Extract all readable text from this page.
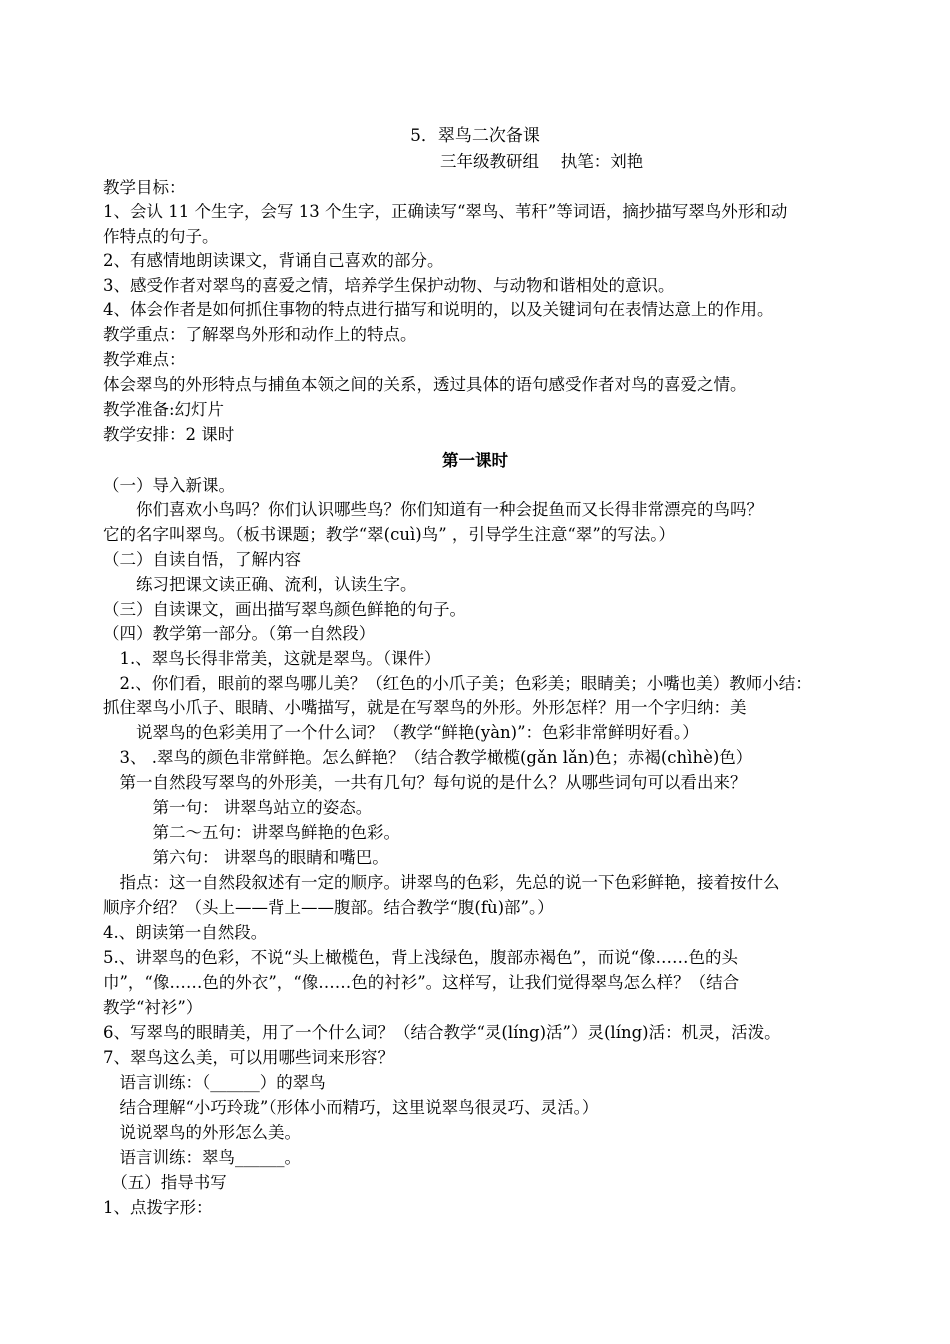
5．翠鸟二次备课
三年级教研组　 执笔：刘艳
教学目标：
1、会认 11 个生字，会写 13 个生字，正确读写“翠鸟、苇秆”等词语，摘抄描写翠鸟外形和动
作特点的句子。
2、有感情地朗读课文，背诵自己喜欢的部分。
3、感受作者对翠鸟的喜爱之情，培养学生保护动物、与动物和谐相处的意识。
4、体会作者是如何抓住事物的特点进行描写和说明的，以及关键词句在表情达意上的作用。
教学重点：了解翠鸟外形和动作上的特点。
教学难点：
体会翠鸟的外形特点与捕鱼本领之间的关系，透过具体的语句感受作者对鸟的喜爱之情。
教学准备:幻灯片
教学安排：2 课时
第一课时
（一）导入新课。
　　你们喜欢小鸟吗？你们认识哪些鸟？你们知道有一种会捉鱼而又长得非常漂亮的鸟吗？
它的名字叫翠鸟。（板书课题；教学“翠(cuì)鸟” ，引导学生注意“翠”的写法。）
（二）自读自悟，了解内容
　　练习把课文读正确、流利，认读生字。
（三）自读课文，画出描写翠鸟颜色鲜艳的句子。
（四）教学第一部分。（第一自然段）
　1.、翠鸟长得非常美，这就是翠鸟。（课件）
　2.、你们看，眼前的翠鸟哪儿美？（红色的小爪子美；色彩美；眼睛美；小嘴也美）教师小结：
抓住翠鸟小爪子、眼睛、小嘴描写，就是在写翠鸟的外形。外形怎样？用一个字归纳：美
　　说翠鸟的色彩美用了一个什么词？（教学“鲜艳(yàn)”：色彩非常鲜明好看。）
　3、 .翠鸟的颜色非常鲜艳。怎么鲜艳？（结合教学橄榄(gǎn lǎn)色；赤褐(chìhè)色）
　第一自然段写翠鸟的外形美，一共有几句？每句说的是什么？从哪些词句可以看出来？
　　　第一句： 讲翠鸟站立的姿态。
　　　第二～五句：讲翠鸟鲜艳的色彩。
　　　第六句： 讲翠鸟的眼睛和嘴巴。
　指点：这一自然段叙述有一定的顺序。讲翠鸟的色彩，先总的说一下色彩鲜艳，接着按什么
顺序介绍？（头上——背上——腹部。结合教学“腹(fù)部”。）
4.、朗读第一自然段。
5.、讲翠鸟的色彩，不说“头上橄榄色，背上浅绿色，腹部赤褐色”，而说“像……色的头
巾”，“像……色的外衣”，“像……色的衬衫”。这样写，让我们觉得翠鸟怎么样？（结合
教学“衬衫”）
6、写翠鸟的眼睛美，用了一个什么词？（结合教学“灵(líng)活”）灵(líng)活：机灵，活泼。
7、翠鸟这么美，可以用哪些词来形容？
　语言训练：（______）的翠鸟
　结合理解“小巧玲珑”（形体小而精巧，这里说翠鸟很灵巧、灵活。）
　说说翠鸟的外形怎么美。
　语言训练：翠鸟______。
　（五）指导书写
1、点拨字形：
